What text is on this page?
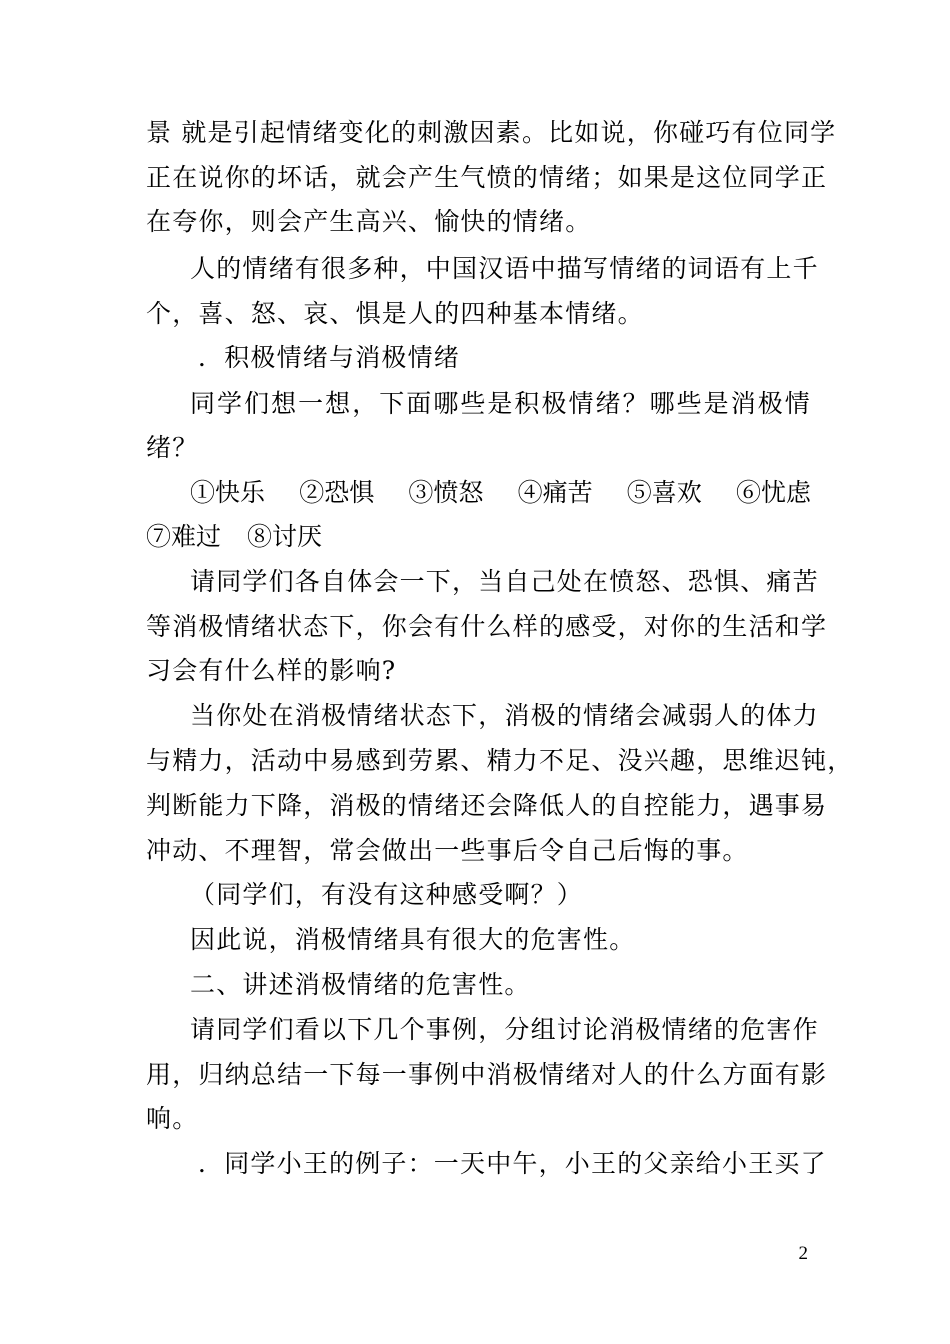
景 就是引起情绪变化的刺激因素。比如说，你碰巧有位同学
正在说你的坏话，就会产生气愤的情绪；如果是这位同学正
在夸你，则会产生高兴、愉快的情绪。
人的情绪有很多种，中国汉语中描写情绪的词语有上千
个，喜、怒、哀、惧是人的四种基本情绪。
．积极情绪与消极情绪
同学们想一想，下面哪些是积极情绪？哪些是消极情
绪？
①快乐 ②恐惧 ③愤怒 ④痛苦 ⑤喜欢 ⑥忧虑
⑦难过 ⑧讨厌
请同学们各自体会一下，当自己处在愤怒、恐惧、痛苦
等消极情绪状态下，你会有什么样的感受，对你的生活和学
习会有什么样的影响?
当你处在消极情绪状态下，消极的情绪会减弱人的体力
与精力，活动中易感到劳累、精力不足、没兴趣，思维迟钝，
判断能力下降，消极的情绪还会降低人的自控能力，遇事易
冲动、不理智，常会做出一些事后令自己后悔的事。
（同学们，有没有这种感受啊？）
因此说，消极情绪具有很大的危害性。
二、讲述消极情绪的危害性。
请同学们看以下几个事例，分组讨论消极情绪的危害作
用，归纳总结一下每一事例中消极情绪对人的什么方面有影
响。
．同学小王的例子：一天中午，小王的父亲给小王买了
2
